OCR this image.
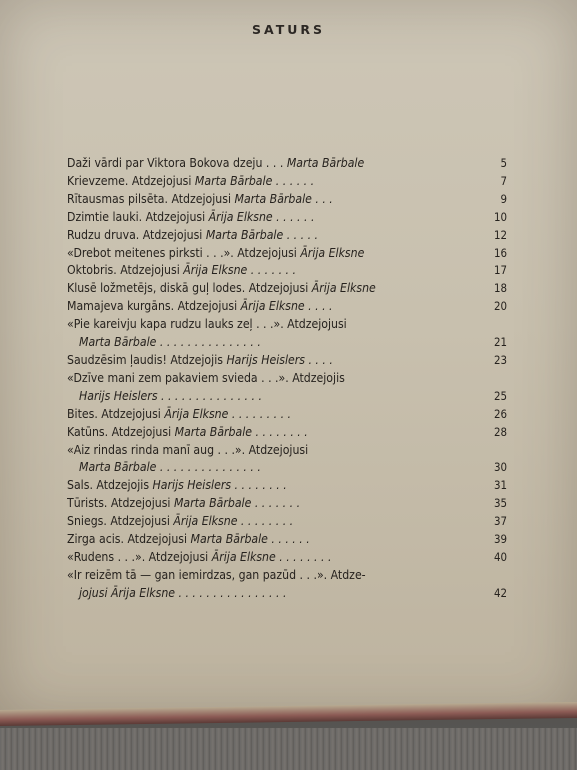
SATURS
Daži vārdi par Viktora Bokova dzeju . . . Marta Bārbale	5
Krievzeme. Atdzejojusi Marta Bārbale . . . . . .	7
Rītausmas pilsēta. Atdzejojusi Marta Bārbale . . .	9
Dzimtie lauki. Atdzejojusi Ārija Elksne . . . . . .	10
Rudzu druva. Atdzejojusi Marta Bārbale . . . . .	12
«Drebot meitenes pirksti . . .». Atdzejojusi Ārija Elksne	16
Oktobris. Atdzejojusi Ārija Elksne . . . . . . .	17
Klusē ložmetējs, diskā guļ lodes. Atdzejojusi Ārija Elksne	18
Mamajeva kurgāns. Atdzejojusi Ārija Elksne . . . .	20
«Pie kareivju kapa rudzu lauks zeļ . . .». Atdzejojusi
Marta Bārbale . . . . . . . . . . . . . . .	21
Saudzēsim ļaudis! Atdzejojis Harijs Heislers . . . .	23
«Dzīve mani zem pakaviem svieda . . .». Atdzejojis
Harijs Heislers . . . . . . . . . . . . . . .	25
Bites. Atdzejojusi Ārija Elksne . . . . . . . . .	26
Katūns. Atdzejojusi Marta Bārbale . . . . . . . .	28
«Aiz rindas rinda manī aug . . .». Atdzejojusi
Marta Bārbale . . . . . . . . . . . . . . .	30
Sals. Atdzejojis Harijs Heislers . . . . . . . .	31
Tūrists. Atdzejojusi Marta Bārbale . . . . . . .	35
Sniegs. Atdzejojusi Ārija Elksne . . . . . . . .	37
Zirga acis. Atdzejojusi Marta Bārbale . . . . . .	39
«Rudens . . .». Atdzejojusi Ārija Elksne . . . . . . . .	40
«Ir reizēm tā — gan iemirdzas, gan pazūd . . .». Atdze-
jojusi Ārija Elksne . . . . . . . . . . . . . . . .	42
